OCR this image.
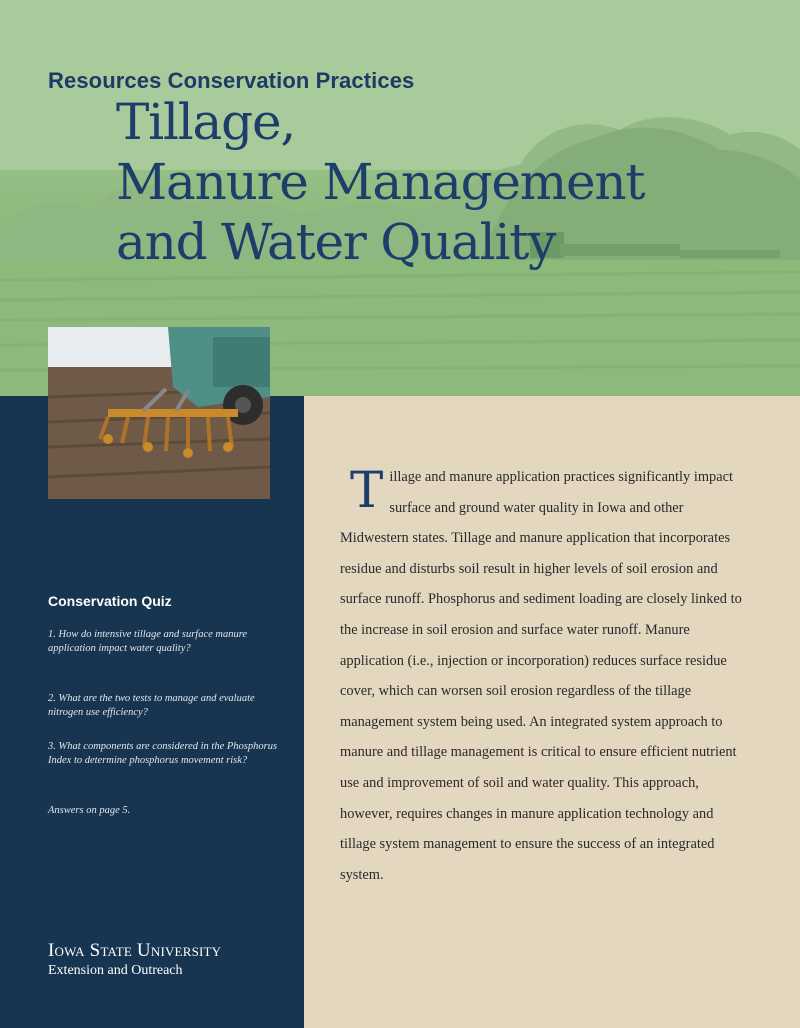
Resources Conservation Practices
Tillage,
Manure Management
and Water Quality
Conservation Quiz
1. How do intensive tillage and surface manure application impact water quality?
2. What are the two tests to manage and evaluate nitrogen use efficiency?
3. What components are considered in the Phosphorus Index to determine phosphorus movement risk?
Answers on page 5.
Iowa State University
Extension and Outreach
Tillage and manure application practices significantly impact surface and ground water quality in Iowa and other Midwestern states. Tillage and manure application that incorporates residue and disturbs soil result in higher levels of soil erosion and surface runoff. Phosphorus and sediment loading are closely linked to the increase in soil erosion and surface water runoff. Manure application (i.e., injection or incorporation) reduces surface residue cover, which can worsen soil erosion regardless of the tillage management system being used. An integrated system approach to manure and tillage management is critical to ensure efficient nutrient use and improvement of soil and water quality. This approach, however, requires changes in manure application technology and tillage system management to ensure the success of an integrated system.
